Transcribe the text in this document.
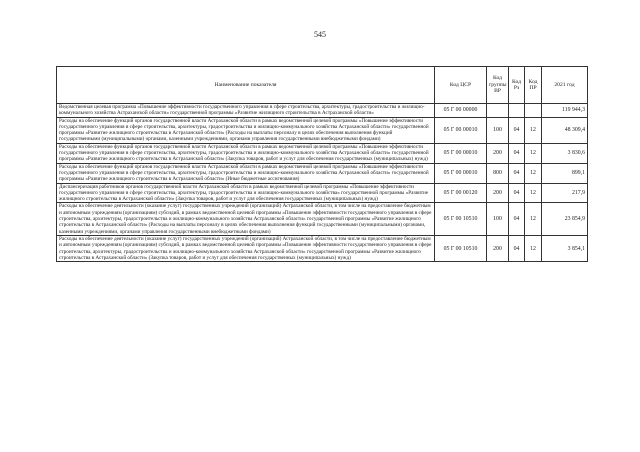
545
Наименование показателя	Код ЦСР	Код группы ВР	Код Рз	Код ПР	2021 год
Ведомственная целевая программа «Повышение эффективности государственного управления в сфере строительства, архитектуры, градостроительства и жилищно-коммунального хозяйства Астраханской области» государственной программы «Развитие жилищного строительства в Астраханской области»	05 Г 00 00000				119 944,3
Расходы на обеспечение функций органов государственной власти Астраханской области в рамках ведомственной целевой программы «Повышение эффективности государственного управления в сфере строительства, архитектуры, градостроительства и жилищно-коммунального хозяйства Астраханской области» государственной программы «Развитие жилищного строительства в Астраханской области» (Расходы на выплаты персоналу в целях обеспечения выполнения функций государственными (муниципальными) органами, казенными учреждениями, органами управления государственными внебюджетными фондами)	05 Г 00 00010	100	04	12	48 309,4
Расходы на обеспечение функций органов государственной власти Астраханской области в рамках ведомственной целевой программы «Повышение эффективности государственного управления в сфере строительства, архитектуры, градостроительства и жилищно-коммунального хозяйства Астраханской области» государственной программы «Развитие жилищного строительства в Астраханской области» (Закупка товаров, работ и услуг для обеспечения государственных (муниципальных) нужд)	05 Г 00 00010	200	04	12	3 830,6
Расходы на обеспечение функций органов государственной власти Астраханской области в рамках ведомственной целевой программы «Повышение эффективности государственного управления в сфере строительства, архитектуры, градостроительства и жилищно-коммунального хозяйства Астраханской области» государственной программы «Развитие жилищного строительства в Астраханской области» (Иные бюджетные ассигнования)	05 Г 00 00010	800	04	12	899,1
Диспансеризация работников органов государственной власти Астраханской области в рамках ведомственной целевой программы «Повышение эффективности государственного управления в сфере строительства, архитектуры, градостроительства и жилищно-коммунального хозяйства» государственной программы «Развитие жилищного строительства в Астраханской области» (Закупка товаров, работ и услуг для обеспечения государственных (муниципальных) нужд)	05 Г 00 00120	200	04	12	217,9
Расходы на обеспечение деятельности (оказание услуг) государственных учреждений (организаций) Астраханской области, в том числе на предоставление бюджетным и автономным учреждениям (организациям) субсидий, в рамках ведомственной целевой программы «Повышение эффективности государственного управления в сфере строительства, архитектуры, градостроительства и жилищно-коммунального хозяйства Астраханской области» государственной программы «Развитие жилищного строительства в Астраханской области» (Расходы на выплаты персоналу в целях обеспечения выполнения функций государственными (муниципальными) органами, казенными учреждениями, органами управления государственными внебюджетными фондами)	05 Г 00 10510	100	04	12	23 854,9
Расходы на обеспечение деятельности (оказание услуг) государственных учреждений (организаций) Астраханской области, в том числе на предоставление бюджетным и автономным учреждениям (организациям) субсидий, в рамках ведомственной целевой программы «Повышение эффективности государственного управления в сфере строительства, архитектуры, градостроительства и жилищно-коммунального хозяйства Астраханской области» государственной программы «Развитие жилищного строительства в Астраханской области» (Закупка товаров, работ и услуг для обеспечения государственных (муниципальных) нужд)	05 Г 00 10510	200	04	12	3 854,1
